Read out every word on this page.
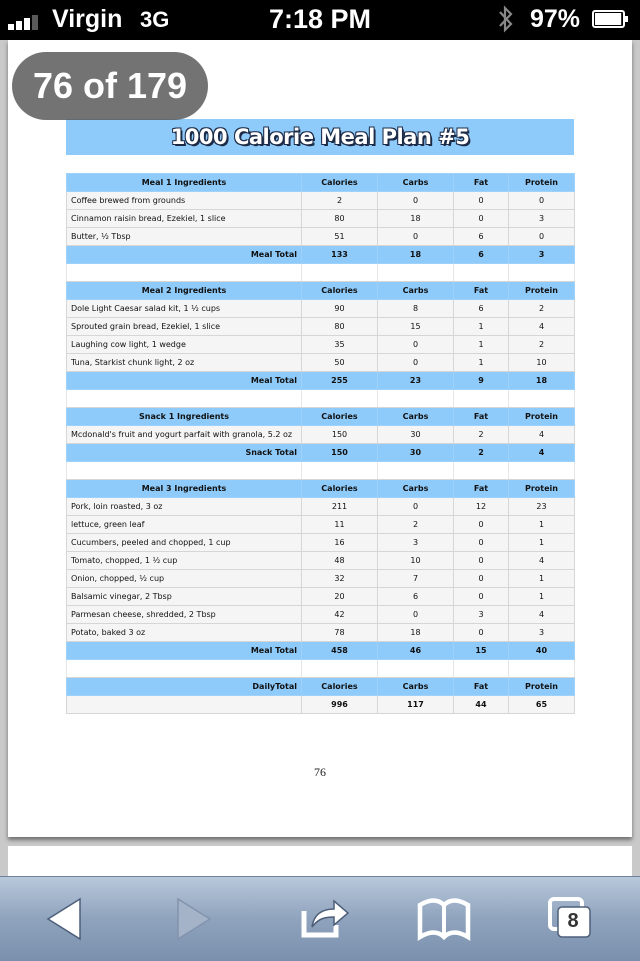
Virgin 3G	7:18 PM	97%
1000 Calorie Meal Plan #5
Meal 1 Ingredients	Calories	Carbs	Fat	Protein
Coffee brewed from grounds	2	0	0	0
Cinnamon raisin bread, Ezekiel, 1 slice	80	18	0	3
Butter, ½ Tbsp	51	0	6	0
Meal Total	133	18	6	3

Meal 2 Ingredients	Calories	Carbs	Fat	Protein
Dole Light Caesar salad kit, 1 ½ cups	90	8	6	2
Sprouted grain bread, Ezekiel, 1 slice	80	15	1	4
Laughing cow light, 1 wedge	35	0	1	2
Tuna, Starkist chunk light, 2 oz	50	0	1	10
Meal Total	255	23	9	18

Snack 1 Ingredients	Calories	Carbs	Fat	Protein
Mcdonald's fruit and yogurt parfait with granola, 5.2 oz	150	30	2	4
Snack Total	150	30	2	4

Meal 3 Ingredients	Calories	Carbs	Fat	Protein
Pork, loin roasted, 3 oz	211	0	12	23
lettuce, green leaf	11	2	0	1
Cucumbers, peeled and chopped, 1 cup	16	3	0	1
Tomato, chopped, 1 ½ cup	48	10	0	4
Onion, chopped, ½ cup	32	7	0	1
Balsamic vinegar, 2 Tbsp	20	6	0	1
Parmesan cheese, shredded, 2 Tbsp	42	0	3	4
Potato, baked 3 oz	78	18	0	3
Meal Total	458	46	15	40

DailyTotal	Calories	Carbs	Fat	Protein
	996	117	44	65
76
76 of 179
8
